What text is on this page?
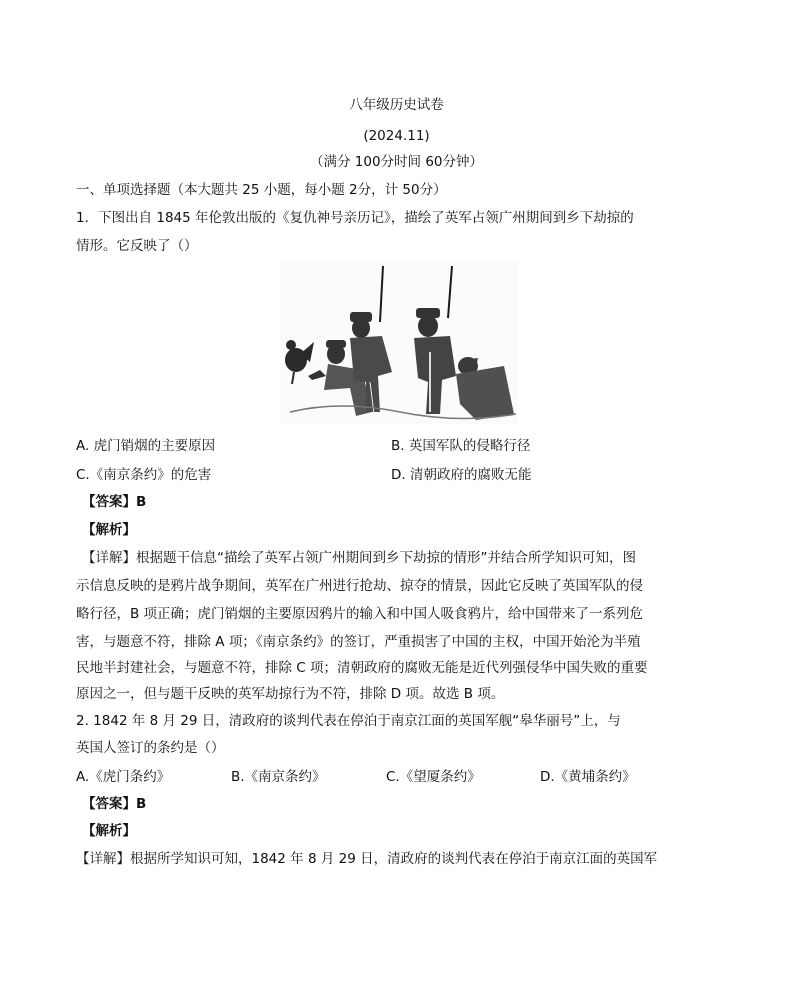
八年级历史试卷
(2024.11)
（满分 100分时间 60分钟）
一、单项选择题（本大题共 25 小题，每小题 2分，计 50分）
1．下图出自 1845 年伦敦出版的《复仇神号亲历记》，描绘了英军占领广州期间到乡下劫掠的
情形。它反映了（）
A. 虎门销烟的主要原因	B. 英国军队的侵略行径
C.《南京条约》的危害	D. 清朝政府的腐败无能
【答案】B
【解析】
【详解】根据题干信息“描绘了英军占领广州期间到乡下劫掠的情形”并结合所学知识可知，图
示信息反映的是鸦片战争期间，英军在广州进行抢劫、掠夺的情景，因此它反映了英国军队的侵
略行径，B 项正确；虎门销烟的主要原因鸦片的输入和中国人吸食鸦片，给中国带来了一系列危
害，与题意不符，排除 A 项；《南京条约》的签订，严重损害了中国的主权，中国开始沦为半殖
民地半封建社会，与题意不符，排除 C 项；清朝政府的腐败无能是近代列强侵华中国失败的重要
原因之一，但与题干反映的英军劫掠行为不符，排除 D 项。故选 B 项。
2. 1842 年 8 月 29 日，清政府的谈判代表在停泊于南京江面的英国军舰“皋华丽号”上，与
英国人签订的条约是（）
A.《虎门条约》	B.《南京条约》	C.《望厦条约》	D.《黄埔条约》
【答案】B
【解析】
【详解】根据所学知识可知，1842 年 8 月 29 日，清政府的谈判代表在停泊于南京江面的英国军
